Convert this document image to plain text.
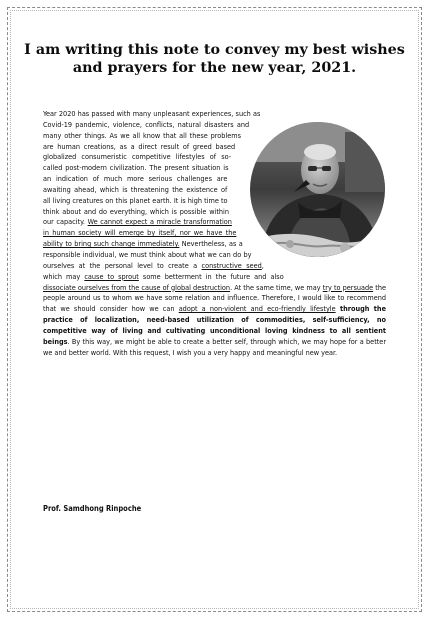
I am writing this note to convey my best wishes and prayers for the new year, 2021.

Year 2020 has passed with many unpleasant experiences, such as Covid-19 pandemic, violence, conflicts, natural disasters and many other things. As we all know that all these problems are human creations, as a direct result of greed based globalized consumeristic competitive lifestyles of so-called post-modern civilization. The present situation is an indication of much more serious challenges are awaiting ahead, which is threatening the existence of all living creatures on this planet earth. It is high time to think about and do everything, which is possible within our capacity. We cannot expect a miracle transformation in human society will emerge by itself, nor we have the ability to bring such change immediately. Nevertheless, as a responsible individual, we must think about what we can do by ourselves at the personal level to create a constructive seed, which may cause to sprout some betterment in the future and also dissociate ourselves from the cause of global destruction. At the same time, we may try to persuade the people around us to whom we have some relation and influence. Therefore, I would like to recommend that we should consider how we can adopt a non-violent and eco-friendly lifestyle through the practice of localization, need-based utilization of commodities, self-sufficiency, no competitive way of living and cultivating unconditional loving kindness to all sentient beings. By this way, we might be able to create a better self, through which, we may hope for a better we and better world. With this request, I wish you a very happy and meaningful new year.

Prof. Samdhong Rinpoche
